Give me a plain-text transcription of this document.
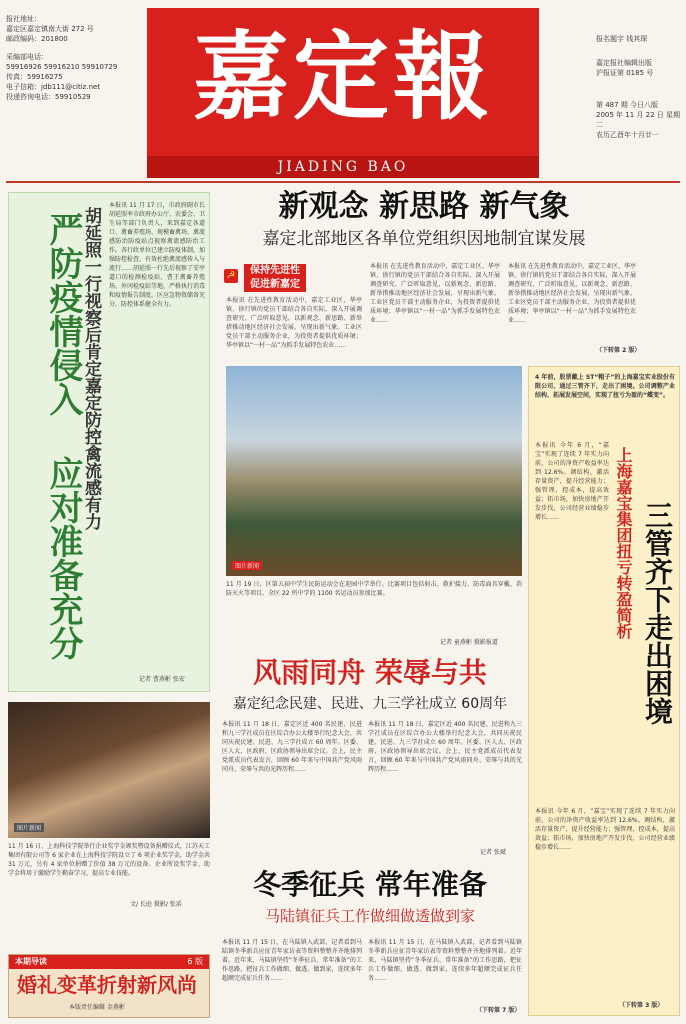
报社地址：
嘉定区嘉定镇南大街 272 号
邮政编码：201800
采编部电话：
59916926 59916210 59910729
传真：59916275
电子信箱：jdb111@citiz.net
投递咨询电话：59910529	嘉定報
JIADING BAO
报名题字 钱其琛
嘉定报社编辑出版
沪报证第 0185 号
第 487 期 今日八版
2005 年 11 月 22 日 星期二
农历乙酉年十月廿一
严防疫情侵入 应对准备充分
胡延照一行视察后肯定嘉定防控禽流感有力
本报讯 11 月 17 日，市政府副市长胡延照率市政府办公厅、农委会、卫生局等部门负责人，来到嘉定各道口、禽畜养殖场、规模畜禽场、禽流感防治防疫站点视察禽流感防治工作。各行政单位已建立防疫体制，加强防控检查，有效杜绝禽流感传入与流行……胡延照一行先后视察了安亭道口的检测检疫站、曹王禽畜养殖场、外冈检疫站等地，严格执行消毒和疫情报告制度。区应急物资储备充分，防控体系健全有力。
记者 曹燕彬 张宏
图片新闻
11 月 16 日，上海科技学院举行企业奖学金颁奖暨设备捐赠仪式，江苏天工集团有限公司等 6 家企业在上海科技学院设立了 6 项企业奖学金，助学金共 31 万元，另有 4 家单位捐赠了价值 38 万元的设备。企业所设奖学金、助学金将用于激励学生勤奋学习，提高专业技能。
文/ 长庭 摄影/ 张滔
本期导读	6 版
婚礼变革折射新风尚
本版责任编辑 金燕彬
新观念 新思路 新气象
嘉定北部地区各单位党组织因地制宜谋发展
☭	保持先进性
促进新嘉定
本报讯 在先进性教育活动中，嘉定工业区、华亭镇、徐行镇的党员干部结合各自实际，深入开展调查研究、广泛听取意见，以新观念、新思路、新举措推动地区经济社会发展，呈现出新气象。工业区党员干部主动服务企业，为投资者提供优质环境；华亭镇以“一村一品”为抓手发展特色农业……
本报讯 在先进性教育活动中，嘉定工业区、华亭镇、徐行镇的党员干部结合各自实际，深入开展调查研究、广泛听取意见，以新观念、新思路、新举措推动地区经济社会发展，呈现出新气象。工业区党员干部主动服务企业，为投资者提供优质环境；华亭镇以“一村一品”为抓手发展特色农业……
本报讯 在先进性教育活动中，嘉定工业区、华亭镇、徐行镇的党员干部结合各自实际，深入开展调查研究、广泛听取意见，以新观念、新思路、新举措推动地区经济社会发展，呈现出新气象。工业区党员干部主动服务企业，为投资者提供优质环境；华亭镇以“一村一品”为抓手发展特色农业……
（下转第 2 版）
图片新闻
11 月 19 日，区第五届中学生民防运动会在迎园中学举行。比赛项目包括射击、救护接力、防毒面具穿戴、消防灭火等项目，全区 22 所中学的 1100 名运动员参加比赛。
记者 童燕彬 摄影报道
4 年前，股票戴上 ST“帽子”的上海嘉宝实业股份有限公司，通过三管齐下，走出了困境。公司调整产业结构、拓展发展空间，实现了扭亏为盈的“蝶变”。
三管齐下走出困境
上海嘉宝集团扭亏转盈简析
本报讯 今年 6 月，“嘉宝”实现了连续 7 年实力向前，公司的净资产收益率达到 12.6%。调结构，激活存量资产，提升经营能力；强管理，控成本，提高效益；拓市场，加快房地产开发步伐，公司经营业绩稳步增长……
本报讯 今年 6 月，“嘉宝”实现了连续 7 年实力向前，公司的净资产收益率达到 12.6%。调结构，激活存量资产，提升经营能力；强管理，控成本，提高效益；拓市场，加快房地产开发步伐，公司经营业绩稳步增长……
（下转第 3 版）
风雨同舟 荣辱与共
嘉定纪念民建、民进、九三学社成立 60周年
本报讯 11 月 18 日，嘉定区近 400 名民建、民进和九三学社成员在区综合办公大楼举行纪念大会，共同庆祝民建、民进、九三学社成立 60 周年。区委、区人大、区政府、区政协领导出席会议。会上，民主党派成员代表发言，回顾 60 年来与中国共产党风雨同舟、荣辱与共的光辉历程……
本报讯 11 月 18 日，嘉定区近 400 名民建、民进和九三学社成员在区综合办公大楼举行纪念大会，共同庆祝民建、民进、九三学社成立 60 周年。区委、区人大、区政府、区政协领导出席会议。会上，民主党派成员代表发言，回顾 60 年来与中国共产党风雨同舟、荣辱与共的光辉历程……
记者 张斌
冬季征兵 常年准备
马陆镇征兵工作做细做透做到家
本报讯 11 月 15 日，在马陆镇入武部，记者看到马陆镇冬季新兵应征青年家访表等资料整整齐齐地排列着。近年来，马陆镇坚持“冬季征兵、常年准备”的工作思路，把征兵工作做细、做透、做到家，连续多年超额完成征兵任务……
本报讯 11 月 15 日，在马陆镇入武部，记者看到马陆镇冬季新兵应征青年家访表等资料整整齐齐地排列着。近年来，马陆镇坚持“冬季征兵、常年准备”的工作思路，把征兵工作做细、做透、做到家，连续多年超额完成征兵任务……
（下转第 7 版）
